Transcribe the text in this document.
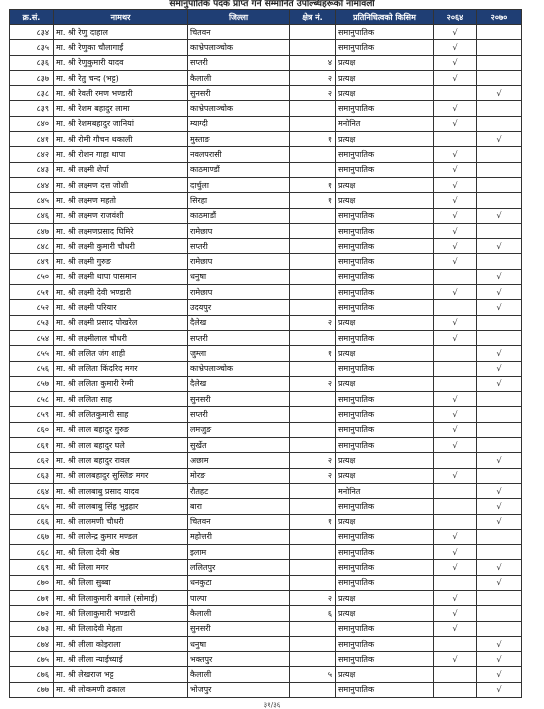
समानुपातिक पदक प्राप्त गर्न सम्मानित उपल्ब्धिहरूको नामावली
क्र.सं.	नामथर	जिल्ला	क्षेत्र नं.	प्रतिनिधित्वको किसिम	२०६४	२०७०
८३४	मा. श्री रेणु दाहाल	चितवन		समानुपातिक	√	
८३५	मा. श्री रेणुका चौलागाईं	काभ्रेपलाञ्चोक		समानुपातिक	√	
८३६	मा. श्री रेणुकुमारी यादव	सप्तरी	४	प्रत्यक्ष	√	
८३७	मा. श्री रेतु चन्द (भट्ट)	कैलाली	२	प्रत्यक्ष	√	
८३८	मा. श्री रेवती रमण भण्डारी	सुनसरी	२	प्रत्यक्ष		√
८३९	मा. श्री रेशम बहादुर लामा	काभ्रेपलाञ्चोक		समानुपातिक	√	
८४०	मा. श्री रेशमबहादुर जानियां	म्याग्दी		मनोनित	√	
८४१	मा. श्री रोमी गौचन थकाली	मुस्ताङ	१	प्रत्यक्ष		√
८४२	मा. श्री रोशन गाहा थापा	नवलपरासी		समानुपातिक	√	
८४३	मा. श्री लक्ष्मी शेर्पा	काठमाण्डौं		समानुपातिक	√	
८४४	मा. श्री लक्ष्मण दत्त जोशी	दार्चुला	१	प्रत्यक्ष	√	
८४५	मा. श्री लक्ष्मण महतो	सिरहा	१	प्रत्यक्ष	√	
८४६	मा. श्री लक्ष्मण राजवंशी	काठमाडौं		समानुपातिक	√	√
८४७	मा. श्री लक्ष्मणप्रसाद घिमिरे	रामेछाप		समानुपातिक	√	
८४८	मा. श्री लक्ष्मी कुमारी चौधरी	सप्तरी		समानुपातिक	√	√
८४९	मा. श्री लक्ष्मी गुरुङ	रामेछाप		समानुपातिक	√	
८५०	मा. श्री लक्ष्मी थापा पासमान	धनुषा		समानुपातिक		√
८५१	मा. श्री लक्ष्मी देवी भण्डारी	रामेछाप		समानुपातिक	√	√
८५२	मा. श्री लक्ष्मी परियार	उदयपुर		समानुपातिक		√
८५३	मा. श्री लक्ष्मी प्रसाद पोखरेल	दैलेख	२	प्रत्यक्ष	√	
८५४	मा. श्री लक्ष्मीलाल चौधरी	सप्तरी		समानुपातिक	√	
८५५	मा. श्री ललित जंग शाही	जुम्ला	१	प्रत्यक्ष		√
८५६	मा. श्री ललिता किंदरिद मगर	काभ्रेपलाञ्चोक		समानुपातिक		√
८५७	मा. श्री ललिता कुमारी रेग्मी	दैलेख	२	प्रत्यक्ष		√
८५८	मा. श्री ललिता साह	सुनसरी		समानुपातिक	√	
८५९	मा. श्री ललितकुमारी साह	सप्तरी		समानुपातिक	√	
८६०	मा. श्री लाल बहादुर गुरुङ	लमजुङ		समानुपातिक	√	
८६१	मा. श्री लाल बहादुर घले	सुर्खेत		समानुपातिक	√	
८६२	मा. श्री लाल बहादुर रावल	अछाम	२	प्रत्यक्ष		√
८६३	मा. श्री लालबहादुर सुस्लिङ मगर	मोरङ	२	प्रत्यक्ष	√	
८६४	मा. श्री लालबाबु प्रसाद यादव	रौतहट		मनोनित		√
८६५	मा. श्री लालबाबु सिंह भुइहार	बारा		समानुपातिक		√
८६६	मा. श्री लालमणी चौधरी	चितवन	१	प्रत्यक्ष		√
८६७	मा. श्री लालेन्द्र कुमार मण्डल	महोत्तरी		समानुपातिक	√	
८६८	मा. श्री लिला देवी श्रेष्ठ	इलाम		समानुपातिक	√	
८६९	मा. श्री लिला मगर	ललितपुर		समानुपातिक	√	√
८७०	मा. श्री लिला सुब्बा	धनकुटा		समानुपातिक		√
८७१	मा. श्री लिलाकुमारी बगाले (सोमाई)	पाल्पा	२	प्रत्यक्ष	√	
८७२	मा. श्री लिलाकुमारी भण्डारी	कैलाली	६	प्रत्यक्ष	√	
८७३	मा. श्री लिलादेवी मेहता	सुनसरी		समानुपातिक	√	
८७४	मा. श्री लीला कोइराला	धनुषा		समानुपातिक		√
८७५	मा. श्री लीला न्याईच्याई	भक्तपुर		समानुपातिक	√	√
८७६	मा. श्री लेखराज भट्ट	कैलाली	५	प्रत्यक्ष		√
८७७	मा. श्री लोकमणी ढकाल	भोजपुर		समानुपातिक		√
३१/३६
